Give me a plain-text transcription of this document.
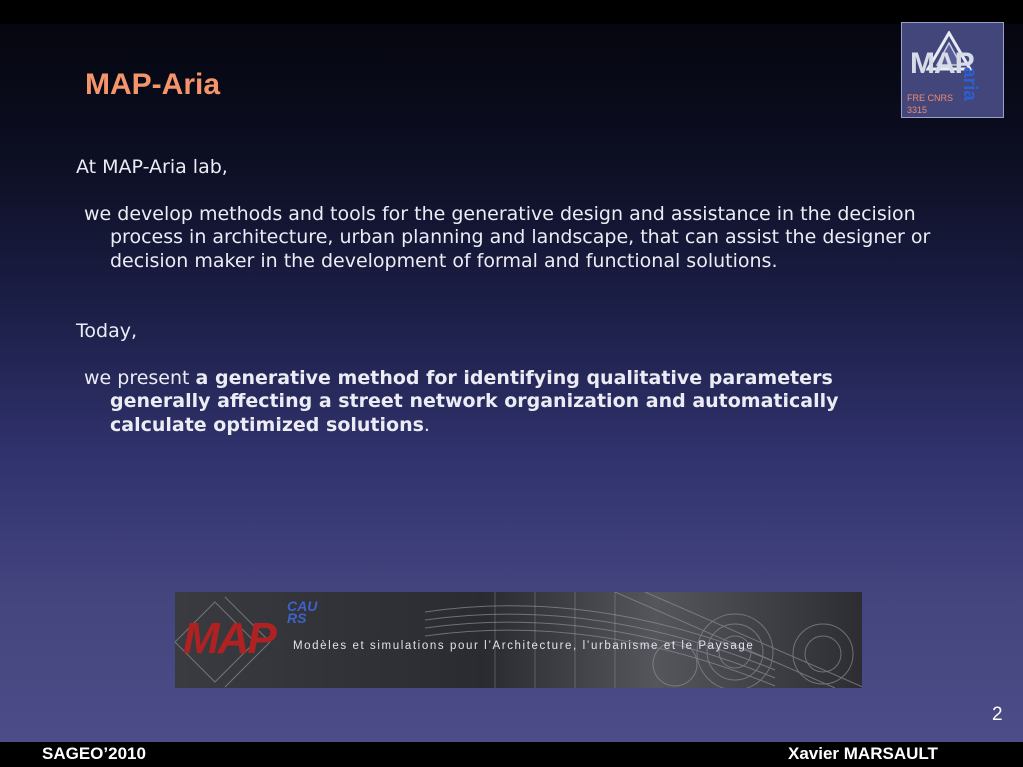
MAP-Aria
MAP
aria
FRE CNRS
3315

At MAP-Aria lab,

we develop methods and tools for the generative design and assistance in the decision process in architecture, urban planning and landscape, that can assist the designer or decision maker in the development of formal and functional solutions.

Today,

we present a generative method for identifying qualitative parameters generally affecting a street network organization and automatically calculate optimized solutions.

MAP
CAU
RS
Modèles et simulations pour l’Architecture, l’urbanisme et le Paysage
2
SAGEO’2010	Xavier MARSAULT
